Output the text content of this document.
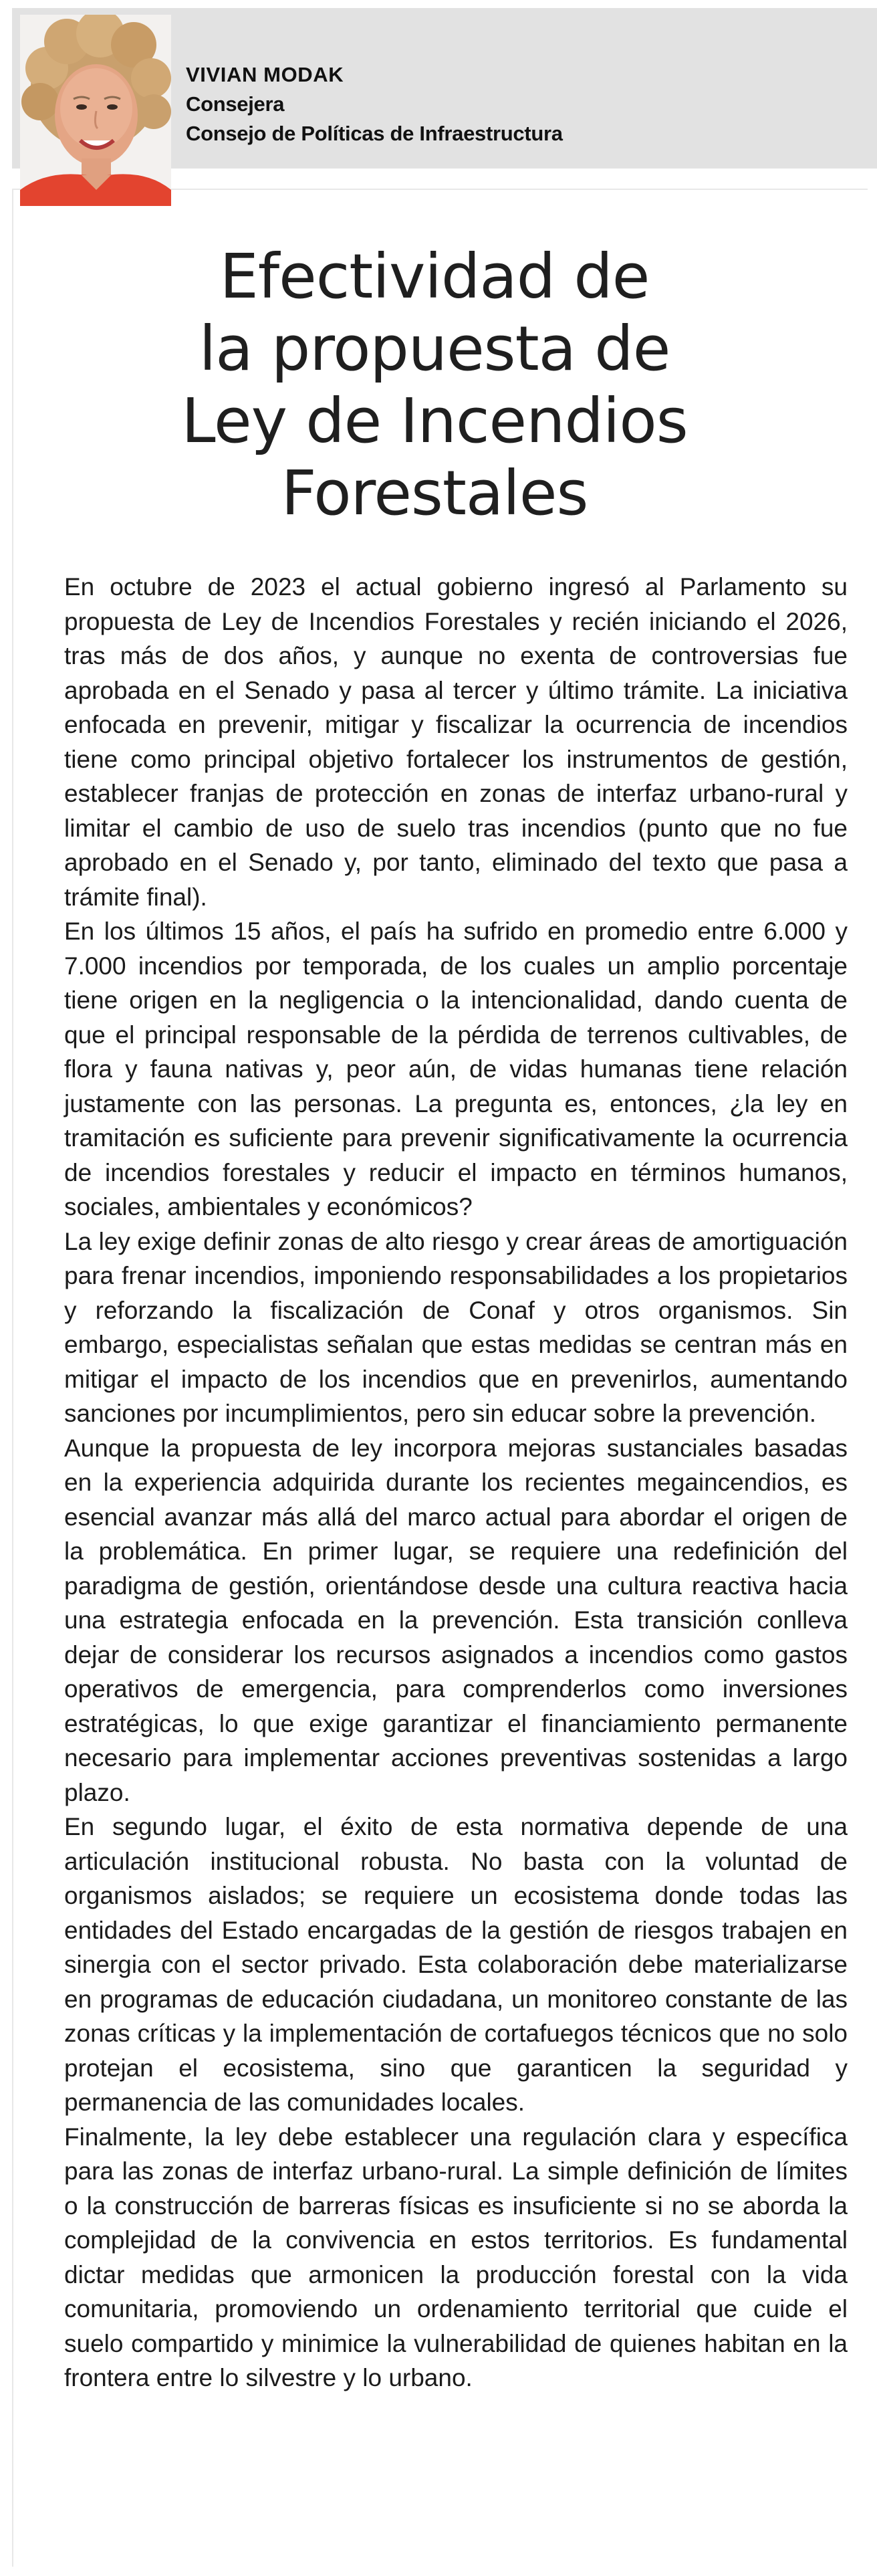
VIVIAN MODAK
Consejera
Consejo de Políticas de Infraestructura
Efectividad de
la propuesta de
Ley de Incendios
Forestales

En octubre de 2023 el actual gobierno ingresó al Parlamento su propuesta de Ley de Incendios Forestales y recién iniciando el 2026, tras más de dos años, y aunque no exenta de controversias fue aprobada en el Senado y pasa al tercer y último trámite. La iniciativa enfocada en prevenir, mitigar y fiscalizar la ocurrencia de incendios tiene como principal objetivo fortalecer los instrumentos de gestión, establecer franjas de protección en zonas de interfaz urbano-rural y limitar el cambio de uso de suelo tras incendios (punto que no fue aprobado en el Senado y, por tanto, eliminado del texto que pasa a trámite final).

En los últimos 15 años, el país ha sufrido en promedio entre 6.000 y 7.000 incendios por temporada, de los cuales un amplio porcentaje tiene origen en la negligencia o la intencionalidad, dando cuenta de que el principal responsable de la pérdida de terrenos cultivables, de flora y fauna nativas y, peor aún, de vidas humanas tiene relación justamente con las personas. La pregunta es, entonces, ¿la ley en tramitación es suficiente para prevenir significativamente la ocurrencia de incendios forestales y reducir el impacto en términos humanos, sociales, ambientales y económicos?

La ley exige definir zonas de alto riesgo y crear áreas de amortiguación para frenar incendios, imponiendo responsabilidades a los propietarios y reforzando la fiscalización de Conaf y otros organismos. Sin embargo, especialistas señalan que estas medidas se centran más en mitigar el impacto de los incendios que en prevenirlos, aumentando sanciones por incumplimientos, pero sin educar sobre la prevención.

Aunque la propuesta de ley incorpora mejoras sustanciales basadas en la experiencia adquirida durante los recientes megaincendios, es esencial avanzar más allá del marco actual para abordar el origen de la problemática. En primer lugar, se requiere una redefinición del paradigma de gestión, orientándose desde una cultura reactiva hacia una estrategia enfocada en la prevención. Esta transición conlleva dejar de considerar los recursos asignados a incendios como gastos operativos de emergencia, para comprenderlos como inversiones estratégicas, lo que exige garantizar el financiamiento permanente necesario para implementar acciones preventivas sostenidas a largo plazo.

En segundo lugar, el éxito de esta normativa depende de una articulación institucional robusta. No basta con la voluntad de organismos aislados; se requiere un ecosistema donde todas las entidades del Estado encargadas de la gestión de riesgos trabajen en sinergia con el sector privado. Esta colaboración debe materializarse en programas de educación ciudadana, un monitoreo constante de las zonas críticas y la implementación de cortafuegos técnicos que no solo protejan el ecosistema, sino que garanticen la seguridad y permanencia de las comunidades locales.

Finalmente, la ley debe establecer una regulación clara y específica para las zonas de interfaz urbano-rural. La simple definición de límites o la construcción de barreras físicas es insuficiente si no se aborda la complejidad de la convivencia en estos territorios. Es fundamental dictar medidas que armonicen la producción forestal con la vida comunitaria, promoviendo un ordenamiento territorial que cuide el suelo compartido y minimice la vulnerabilidad de quienes habitan en la frontera entre lo silvestre y lo urbano.
